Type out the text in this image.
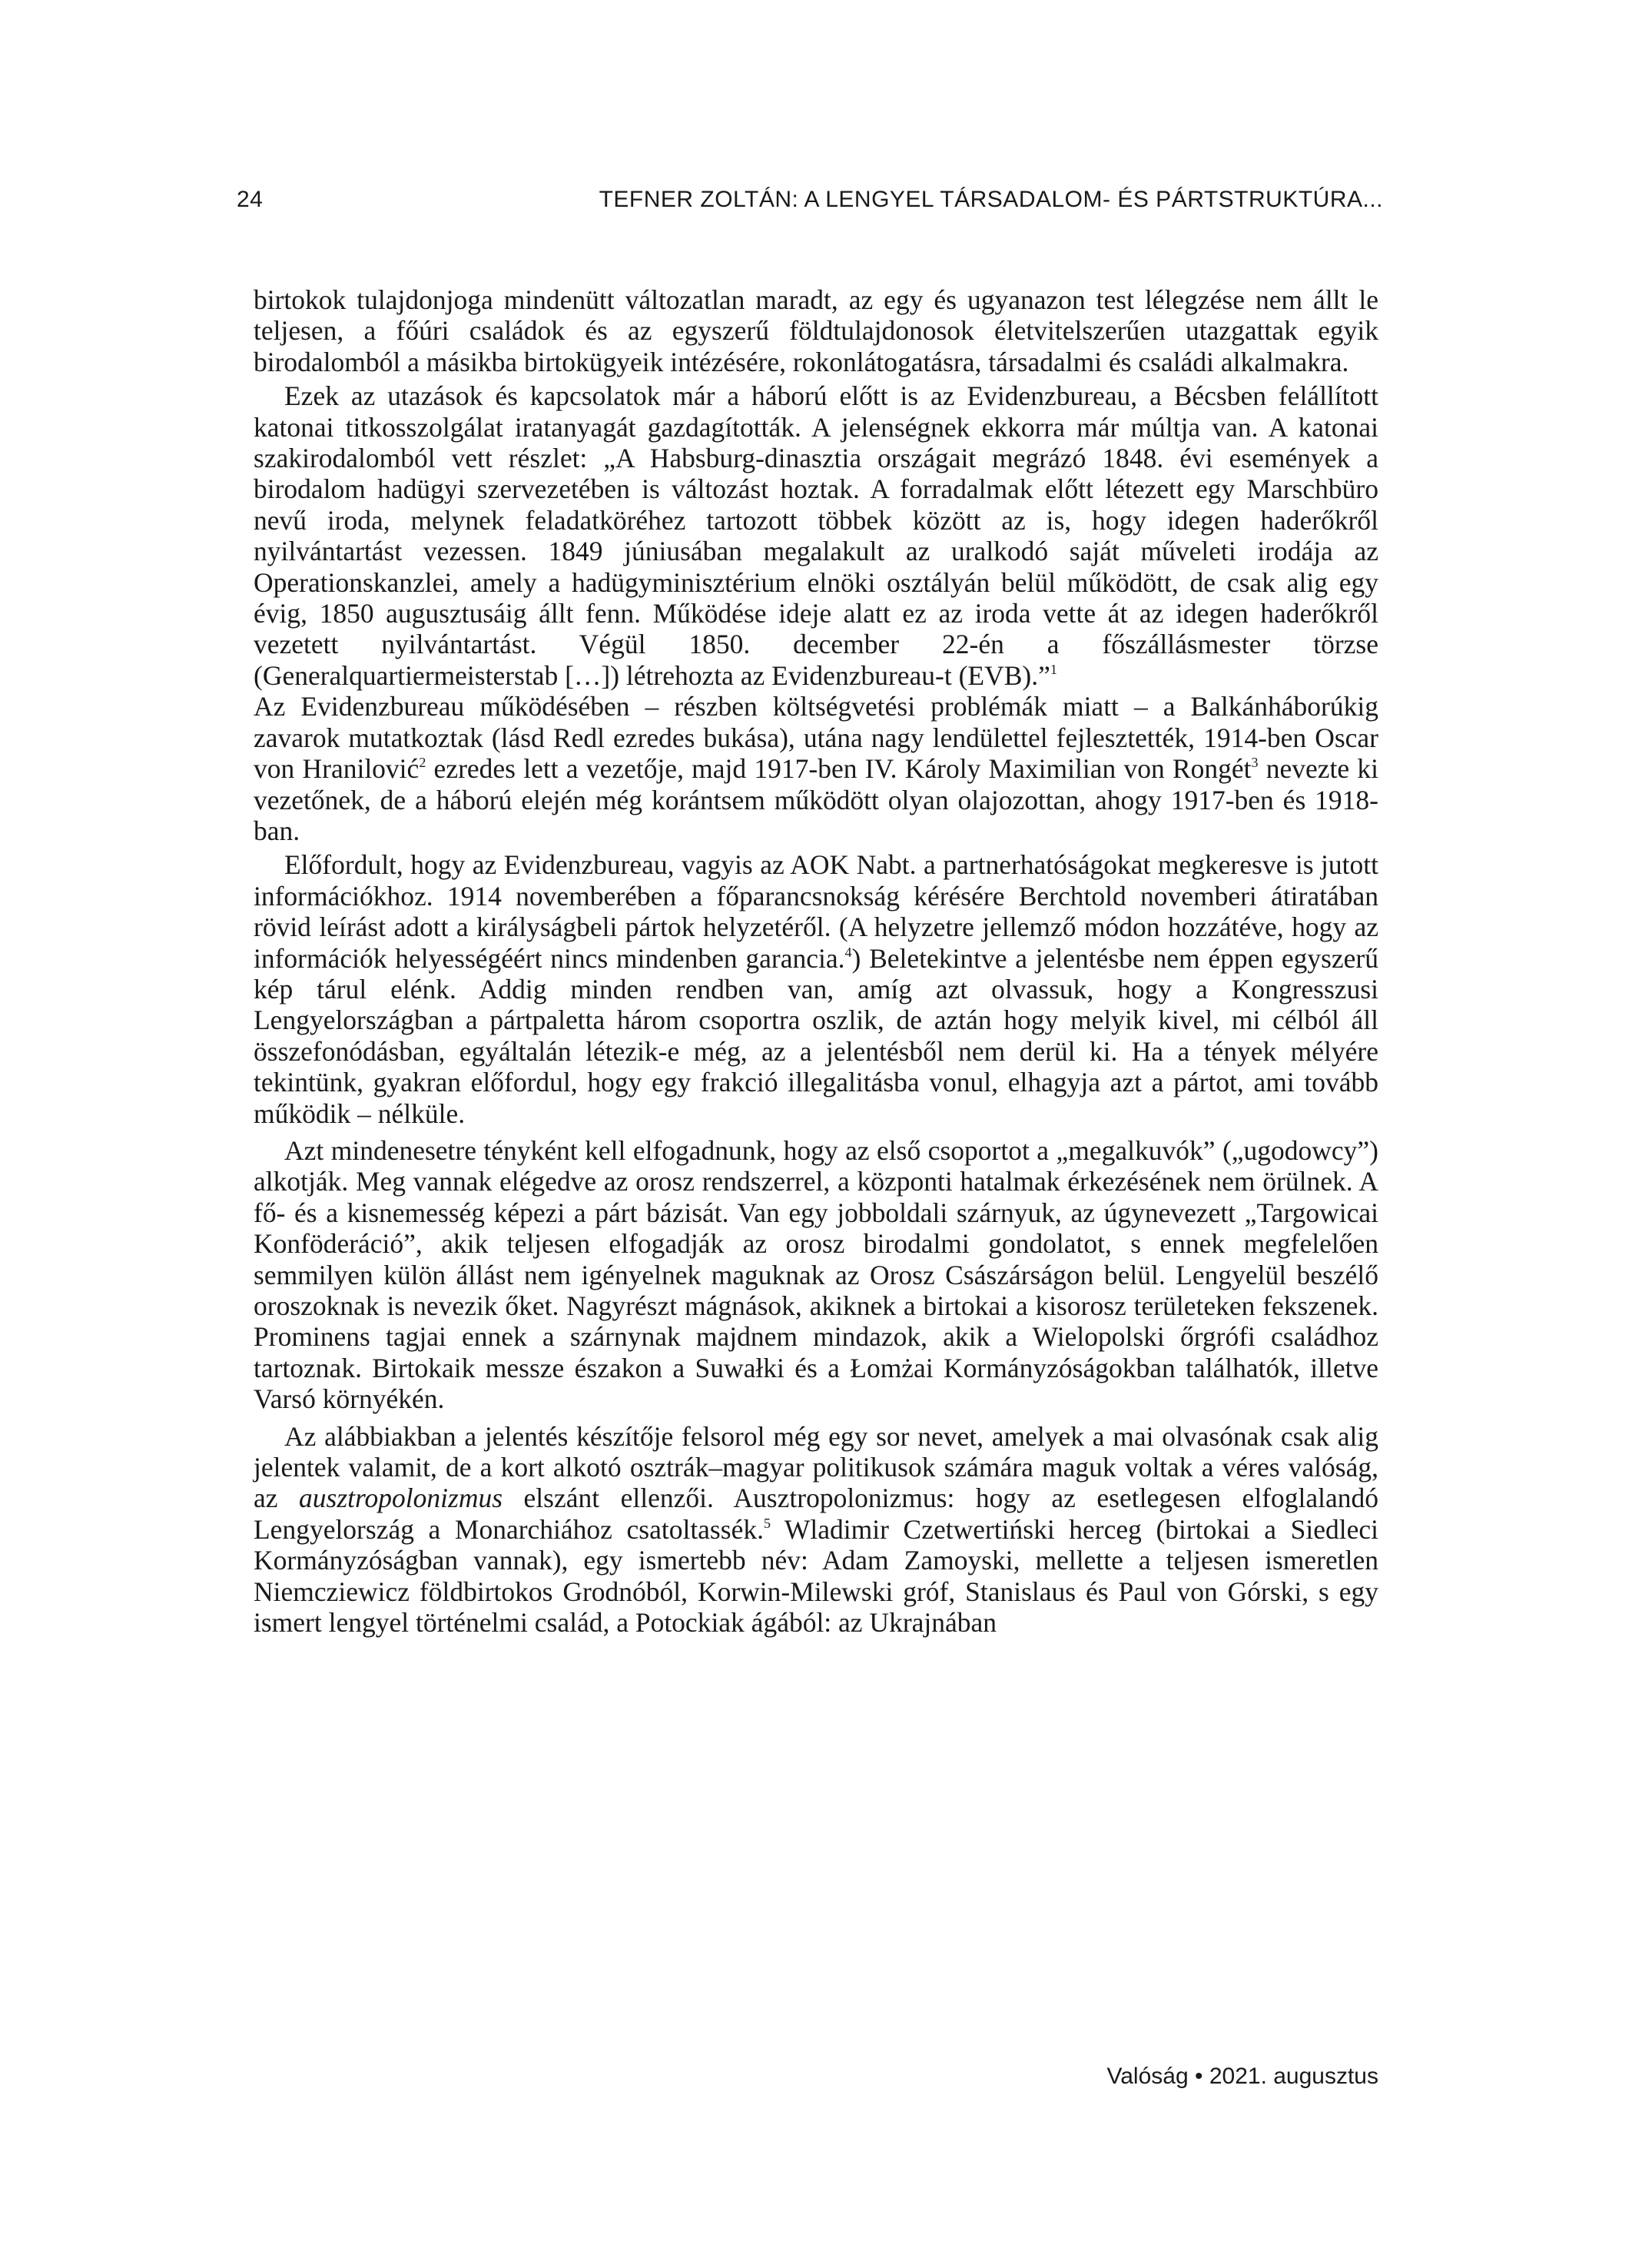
24	TEFNER ZOLTÁN: A LENGYEL TÁRSADALOM- ÉS PÁRTSTRUKTÚRA...

birtokok tulajdonjoga mindenütt változatlan maradt, az egy és ugyanazon test lélegzése nem állt le teljesen, a főúri családok és az egyszerű földtulajdonosok életvitelszerűen utazgattak egyik birodalomból a másikba birtokügyeik intézésére, rokonlátogatásra, társadalmi és családi alkalmakra.

Ezek az utazások és kapcsolatok már a háború előtt is az Evidenzbureau, a Bécsben felállított katonai titkosszolgálat iratanyagát gazdagították. A jelenségnek ekkorra már múltja van. A katonai szakirodalomból vett részlet: „A Habsburg-dinasztia országait megrázó 1848. évi események a birodalom hadügyi szervezetében is változást hoztak. A forradalmak előtt létezett egy Marschbüro nevű iroda, melynek feladatköréhez tartozott többek között az is, hogy idegen haderőkről nyilvántartást vezessen. 1849 júniusában megalakult az uralkodó saját műveleti irodája az Operationskanzlei, amely a hadügyminisztérium elnöki osztályán belül működött, de csak alig egy évig, 1850 augusztusáig állt fenn. Működése ideje alatt ez az iroda vette át az idegen haderőkről vezetett nyilvántartást. Végül 1850. december 22-én a főszállásmester törzse (Generalquartiermeisterstab […]) létrehozta az Evidenzbureau-t (EVB).”$^1$

Az Evidenzbureau működésében – részben költségvetési problémák miatt – a Balkánháborúkig zavarok mutatkoztak (lásd Redl ezredes bukása), utána nagy lendülettel fejlesztették, 1914-ben Oscar von Hranilović$^2$ ezredes lett a vezetője, majd 1917-ben IV. Károly Maximilian von Rongét$^3$ nevezte ki vezetőnek, de a háború elején még korántsem működött olyan olajozottan, ahogy 1917-ben és 1918-ban.

Előfordult, hogy az Evidenzbureau, vagyis az AOK Nabt. a partnerhatóságokat megkeresve is jutott információkhoz. 1914 novemberében a főparancsnokság kérésére Berchtold novemberi átiratában rövid leírást adott a királyságbeli pártok helyzetéről. (A helyzetre jellemző módon hozzátéve, hogy az információk helyességéért nincs mindenben garancia.$^4$) Beletekintve a jelentésbe nem éppen egyszerű kép tárul elénk. Addig minden rendben van, amíg azt olvassuk, hogy a Kongresszusi Lengyelországban a pártpaletta három csoportra oszlik, de aztán hogy melyik kivel, mi célból áll összefonódásban, egyáltalán létezik-e még, az a jelentésből nem derül ki. Ha a tények mélyére tekintünk, gyakran előfordul, hogy egy frakció illegalitásba vonul, elhagyja azt a pártot, ami tovább működik – nélküle.

Azt mindenesetre tényként kell elfogadnunk, hogy az első csoportot a „megalkuvók” („ugodowcy”) alkotják. Meg vannak elégedve az orosz rendszerrel, a központi hatalmak érkezésének nem örülnek. A fő- és a kisnemesség képezi a párt bázisát. Van egy jobboldali szárnyuk, az úgynevezett „Targowicai Konföderáció”, akik teljesen elfogadják az orosz birodalmi gondolatot, s ennek megfelelően semmilyen külön állást nem igényelnek maguknak az Orosz Császárságon belül. Lengyelül beszélő oroszoknak is nevezik őket. Nagyrészt mágnások, akiknek a birtokai a kisorosz területeken fekszenek. Prominens tagjai ennek a szárnynak majdnem mindazok, akik a Wielopolski őrgrófi családhoz tartoznak. Birtokaik messze északon a Suwałki és a Łomżai Kormányzóságokban találhatók, illetve Varsó környékén.

Az alábbiakban a jelentés készítője felsorol még egy sor nevet, amelyek a mai olvasónak csak alig jelentek valamit, de a kort alkotó osztrák–magyar politikusok számára maguk voltak a véres valóság, az ausztropolonizmus elszánt ellenzői. Ausztropolonizmus: hogy az esetlegesen elfoglalandó Lengyelország a Monarchiához csatoltassék.$^5$ Wladimir Czetwertiński herceg (birtokai a Siedleci Kormányzóságban vannak), egy ismertebb név: Adam Zamoyski, mellette a teljesen ismeretlen Niemcziewicz földbirtokos Grodnóból, Korwin-Milewski gróf, Stanislaus és Paul von Górski, s egy ismert lengyel történelmi család, a Potockiak ágából: az Ukrajnában

Valóság • 2021. augusztus
